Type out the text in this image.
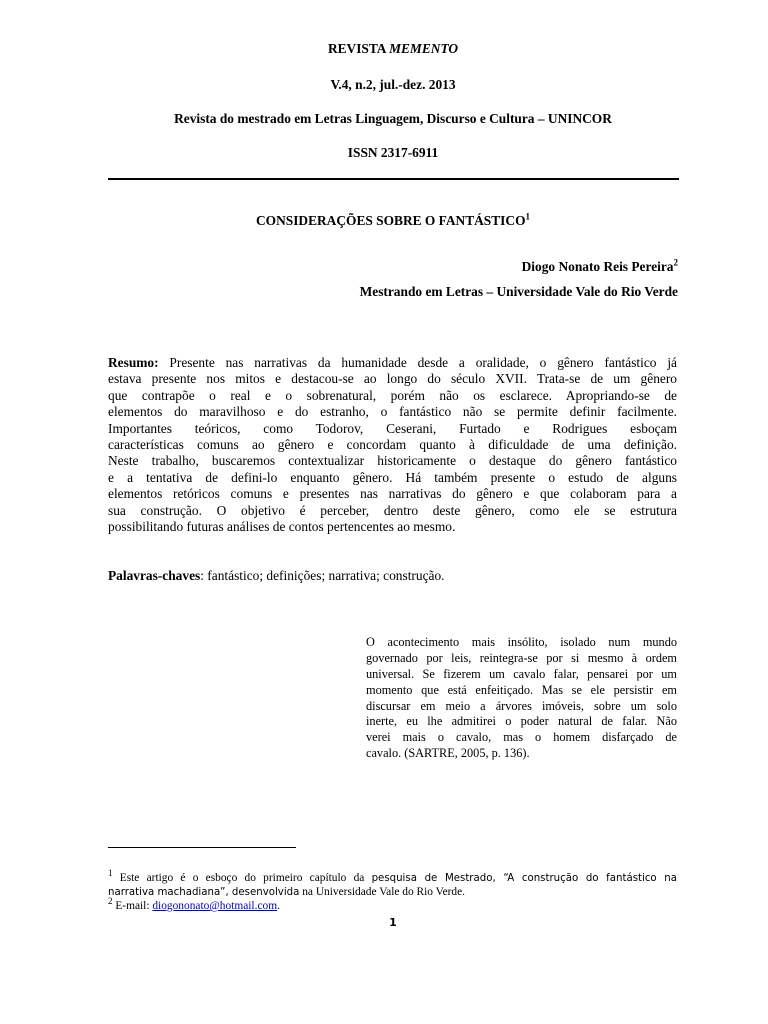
REVISTA MEMENTO
V.4, n.2, jul.-dez. 2013
Revista do mestrado em Letras Linguagem, Discurso e Cultura – UNINCOR
ISSN 2317-6911
CONSIDERAÇÕES SOBRE O FANTÁSTICO$^1$
Diogo Nonato Reis Pereira$^2$
Mestrando em Letras – Universidade Vale do Rio Verde
Resumo: Presente nas narrativas da humanidade desde a oralidade, o gênero fantástico já
estava presente nos mitos e destacou-se ao longo do século XVII. Trata-se de um gênero
que contrapõe o real e o sobrenatural, porém não os esclarece. Apropriando-se de
elementos do maravilhoso e do estranho, o fantástico não se permite definir facilmente.
Importantes teóricos, como Todorov, Ceserani, Furtado e Rodrigues esboçam
características comuns ao gênero e concordam quanto à dificuldade de uma definição.
Neste trabalho, buscaremos contextualizar historicamente o destaque do gênero fantástico
e a tentativa de defini-lo enquanto gênero. Há também presente o estudo de alguns
elementos retóricos comuns e presentes nas narrativas do gênero e que colaboram para a
sua construção. O objetivo é perceber, dentro deste gênero, como ele se estrutura
possibilitando futuras análises de contos pertencentes ao mesmo.
Palavras-chaves: fantástico; definições; narrativa; construção.
O acontecimento mais insólito, isolado num mundo
governado por leis, reintegra-se por si mesmo à ordem
universal. Se fizerem um cavalo falar, pensarei por um
momento que está enfeitiçado. Mas se ele persistir em
discursar em meio a árvores imóveis, sobre um solo
inerte, eu lhe admitirei o poder natural de falar. Não
verei mais o cavalo, mas o homem disfarçado de
cavalo. (SARTRE, 2005, p. 136).
$^1$ Este artigo é o esboço do primeiro capítulo da pesquisa de Mestrado, “A construção do fantástico na
narrativa machadiana”, desenvolvida na Universidade Vale do Rio Verde.
$^2$ E-mail: diogononato@hotmail.com.
1
